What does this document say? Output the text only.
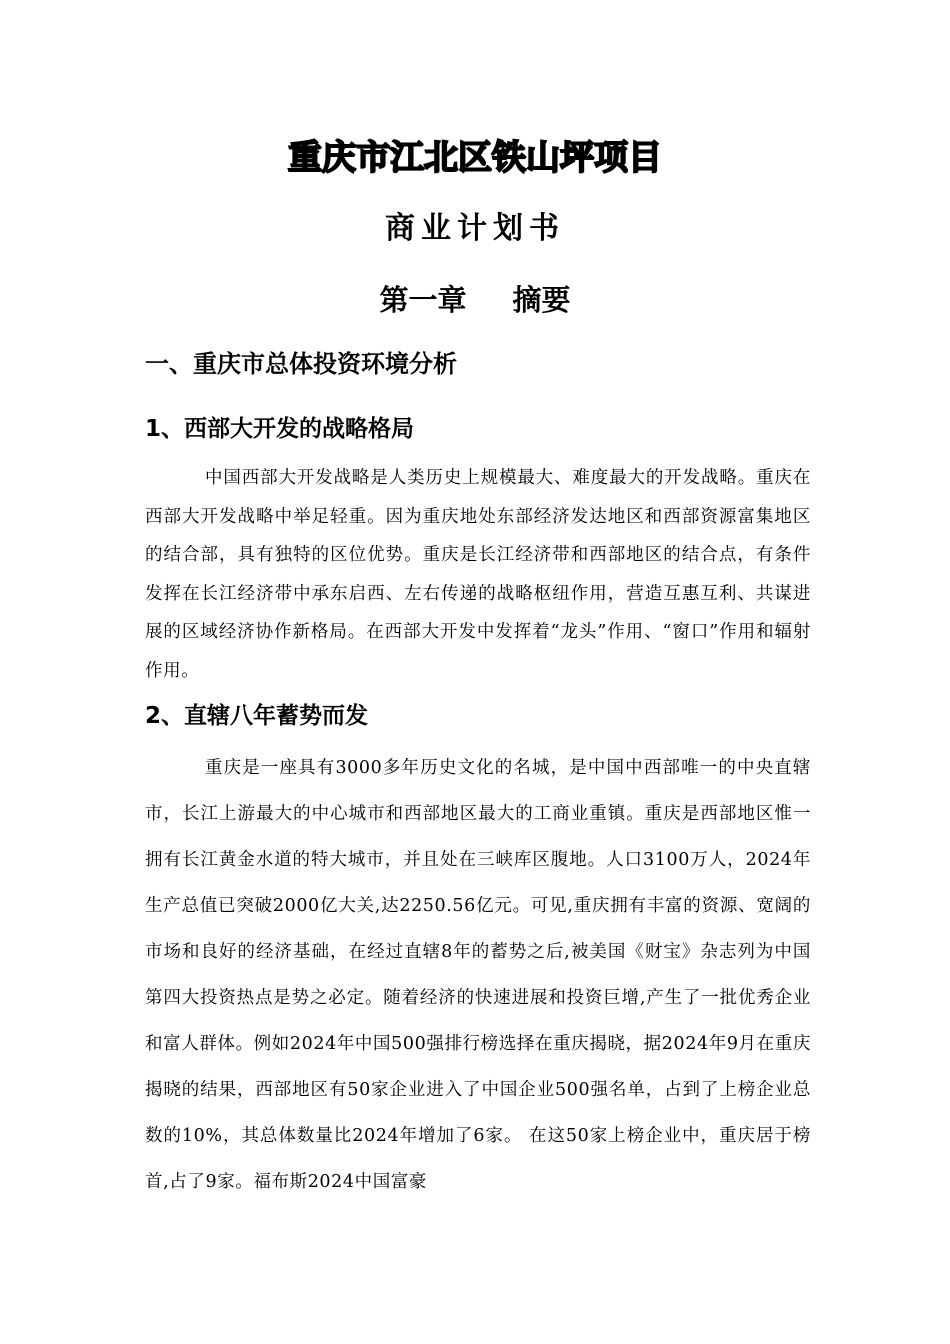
重庆市江北区铁山坪项目
商业计划书
第一章 摘要
一、重庆市总体投资环境分析
1、西部大开发的战略格局

中国西部大开发战略是人类历史上规模最大、难度最大的开发战略。重庆在西部大开发战略中举足轻重。因为重庆地处东部经济发达地区和西部资源富集地区的结合部，具有独特的区位优势。重庆是长江经济带和西部地区的结合点，有条件发挥在长江经济带中承东启西、左右传递的战略枢纽作用，营造互惠互利、共谋进展的区域经济协作新格局。在西部大开发中发挥着“龙头”作用、“窗口”作用和辐射作用。

2、直辖八年蓄势而发

重庆是一座具有3000多年历史文化的名城，是中国中西部唯一的中央直辖市，长江上游最大的中心城市和西部地区最大的工商业重镇。重庆是西部地区惟一拥有长江黄金水道的特大城市，并且处在三峡库区腹地。人口3100万人，2024年生产总值已突破2000亿大关,达2250.56亿元。可见,重庆拥有丰富的资源、宽阔的市场和良好的经济基础，在经过直辖8年的蓄势之后,被美国《财宝》杂志列为中国第四大投资热点是势之必定。随着经济的快速进展和投资巨增,产生了一批优秀企业和富人群体。例如2024年中国500强排行榜选择在重庆揭晓，据2024年9月在重庆揭晓的结果，西部地区有50家企业进入了中国企业500强名单，占到了上榜企业总数的10%，其总体数量比2024年增加了6家。 在这50家上榜企业中，重庆居于榜首,占了9家。福布斯2024中国富豪
